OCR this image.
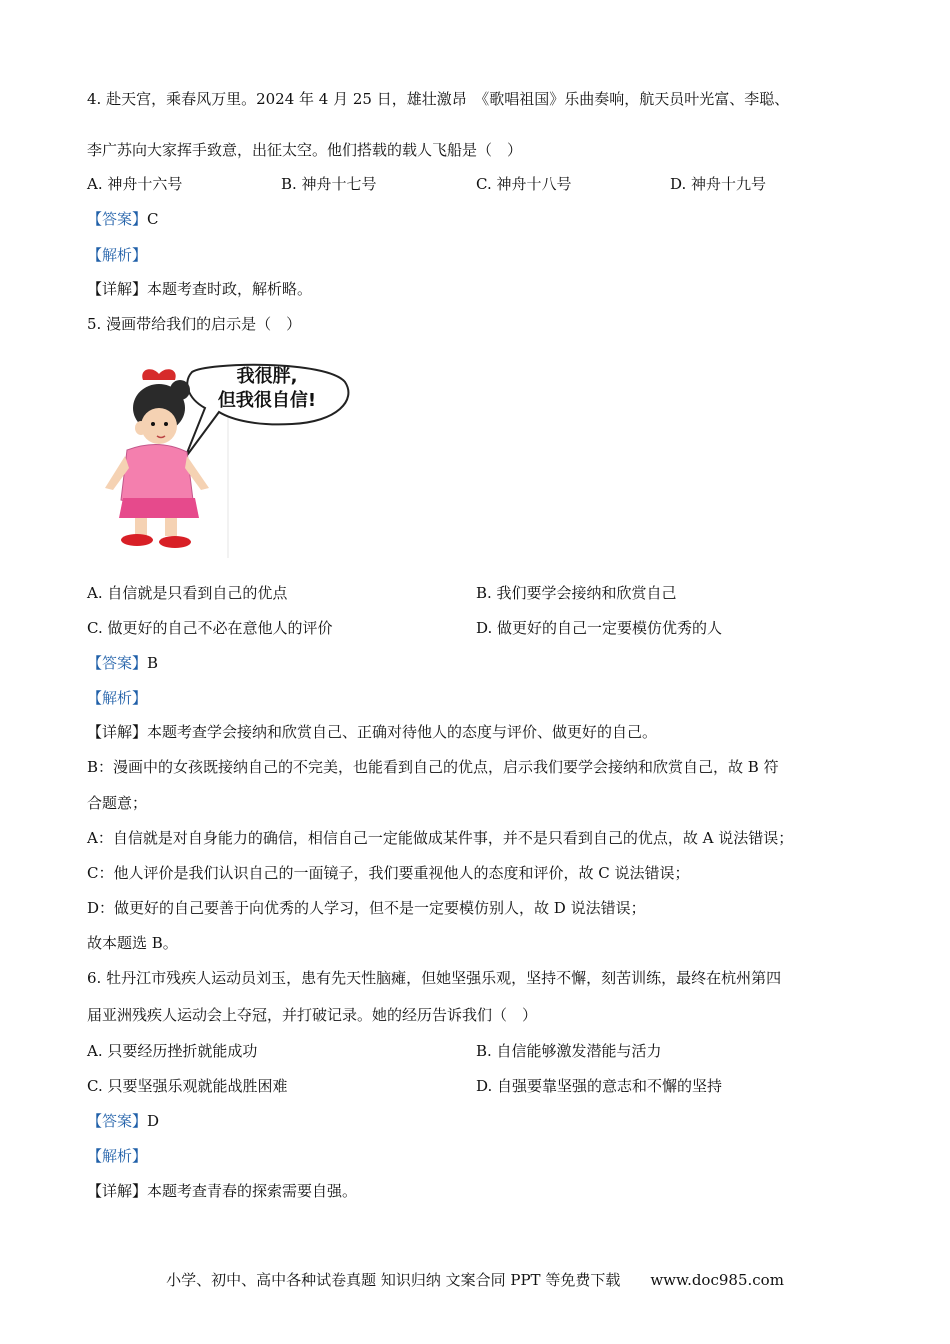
4. 赴天宫，乘春风万里。2024 年 4 月 25 日，雄壮激昂　《歌唱祖国》乐曲奏响，航天员叶光富、李聪、
李广苏向大家挥手致意，出征太空。他们搭载的载人飞船是（　）
A. 神舟十六号	B. 神舟十七号	C. 神舟十八号	D. 神舟十九号
【答案】C
【解析】
【详解】本题考查时政，解析略。
5. 漫画带给我们的启示是（　）
我很胖,
但我很自信!
A. 自信就是只看到自己的优点	B. 我们要学会接纳和欣赏自己
C. 做更好的自己不必在意他人的评价	D. 做更好的自己一定要模仿优秀的人
【答案】B
【解析】
【详解】本题考查学会接纳和欣赏自己、正确对待他人的态度与评价、做更好的自己。
B：漫画中的女孩既接纳自己的不完美，也能看到自己的优点，启示我们要学会接纳和欣赏自己，故 B 符
合题意；
A：自信就是对自身能力的确信，相信自己一定能做成某件事，并不是只看到自己的优点，故 A 说法错误；
C：他人评价是我们认识自己的一面镜子，我们要重视他人的态度和评价，故 C 说法错误；
D：做更好的自己要善于向优秀的人学习，但不是一定要模仿别人，故 D 说法错误；
故本题选 B。
6. 牡丹江市残疾人运动员刘玉，患有先天性脑瘫，但她坚强乐观，坚持不懈，刻苦训练，最终在杭州第四
届亚洲残疾人运动会上夺冠，并打破记录。她的经历告诉我们（　）
A. 只要经历挫折就能成功	B. 自信能够激发潜能与活力
C. 只要坚强乐观就能战胜困难	D. 自强要靠坚强的意志和不懈的坚持
【答案】D
【解析】
【详解】本题考查青春的探索需要自强。
小学、初中、高中各种试卷真题 知识归纳 文案合同 PPT 等免费下载　　www.doc985.com
